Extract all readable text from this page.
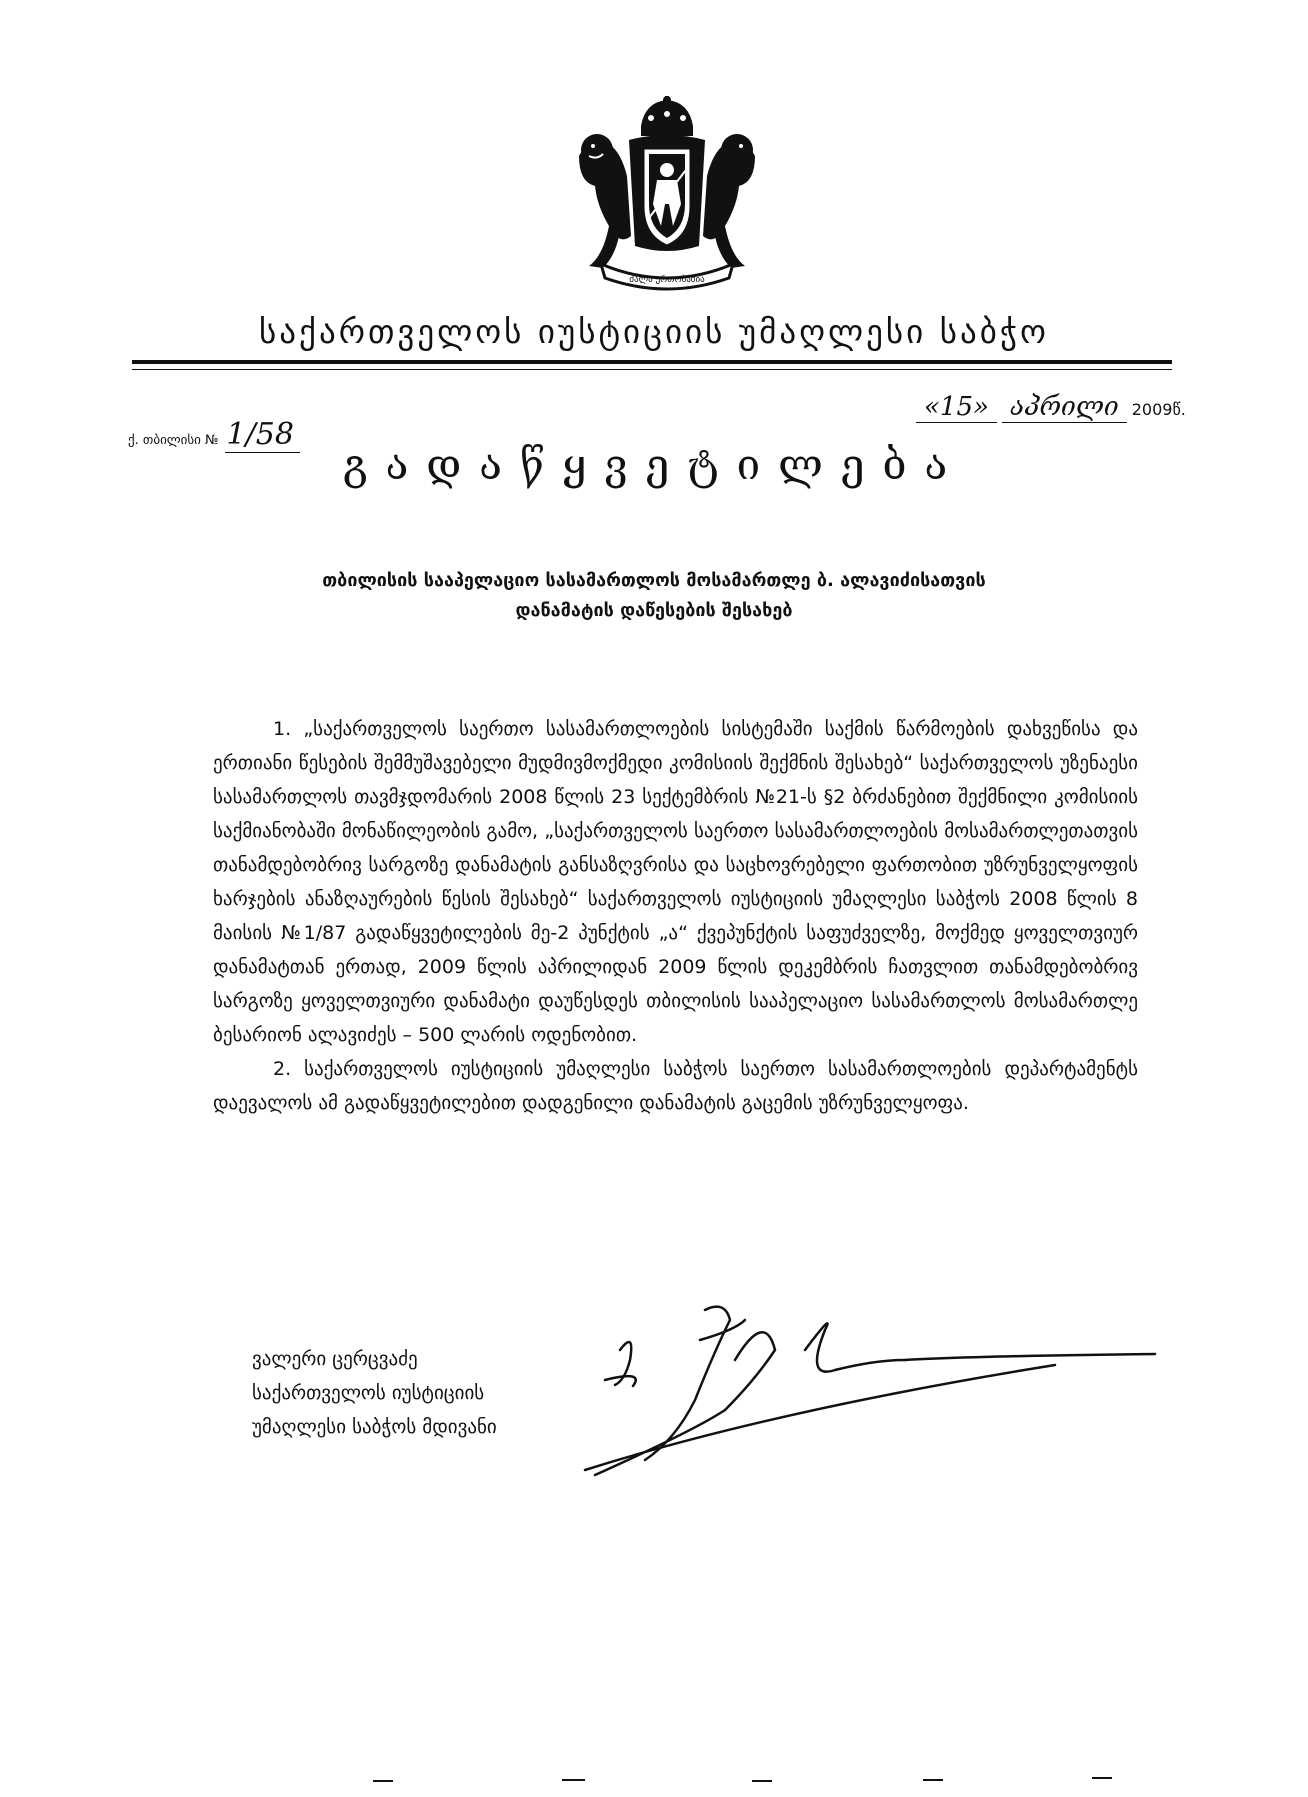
ძალა ერთობაშია
საქართველოს იუსტიციის უმაღლესი საბჭო
ქ. თბილისი № 1/58
«15» აპრილი 2009წ.
გადაწყვეტილება
თბილისის სააპელაციო სასამართლოს მოსამართლე ბ. ალავიძისათვის
დანამატის დაწესების შესახებ

1. „საქართველოს საერთო სასამართლოების სისტემაში საქმის წარმოების დახვეწისა და ერთიანი წესების შემმუშავებელი მუდმივმოქმედი კომისიის შექმნის შესახებ“ საქართველოს უზენაესი სასამართლოს თავმჯდომარის 2008 წლის 23 სექტემბრის №21-ს §2 ბრძანებით შექმნილი კომისიის საქმიანობაში მონაწილეობის გამო, „საქართველოს საერთო სასამართლოების მოსამართლეთათვის თანამდებობრივ სარგოზე დანამატის განსაზღვრისა და საცხოვრებელი ფართობით უზრუნველყოფის ხარჯების ანაზღაურების წესის შესახებ“ საქართველოს იუსტიციის უმაღლესი საბჭოს 2008 წლის 8 მაისის №1/87 გადაწყვეტილების მე-2 პუნქტის „ა“ ქვეპუნქტის საფუძველზე, მოქმედ ყოველთვიურ დანამატთან ერთად, 2009 წლის აპრილიდან 2009 წლის დეკემბრის ჩათვლით თანამდებობრივ სარგოზე ყოველთვიური დანამატი დაუწესდეს თბილისის სააპელაციო სასამართლოს მოსამართლე ბესარიონ ალავიძეს – 500 ლარის ოდენობით.

2. საქართველოს იუსტიციის უმაღლესი საბჭოს საერთო სასამართლოების დეპარტამენტს დაევალოს ამ გადაწყვეტილებით დადგენილი დანამატის გაცემის უზრუნველყოფა.

ვალერი ცერცვაძე
საქართველოს იუსტიციის
უმაღლესი საბჭოს მდივანი
